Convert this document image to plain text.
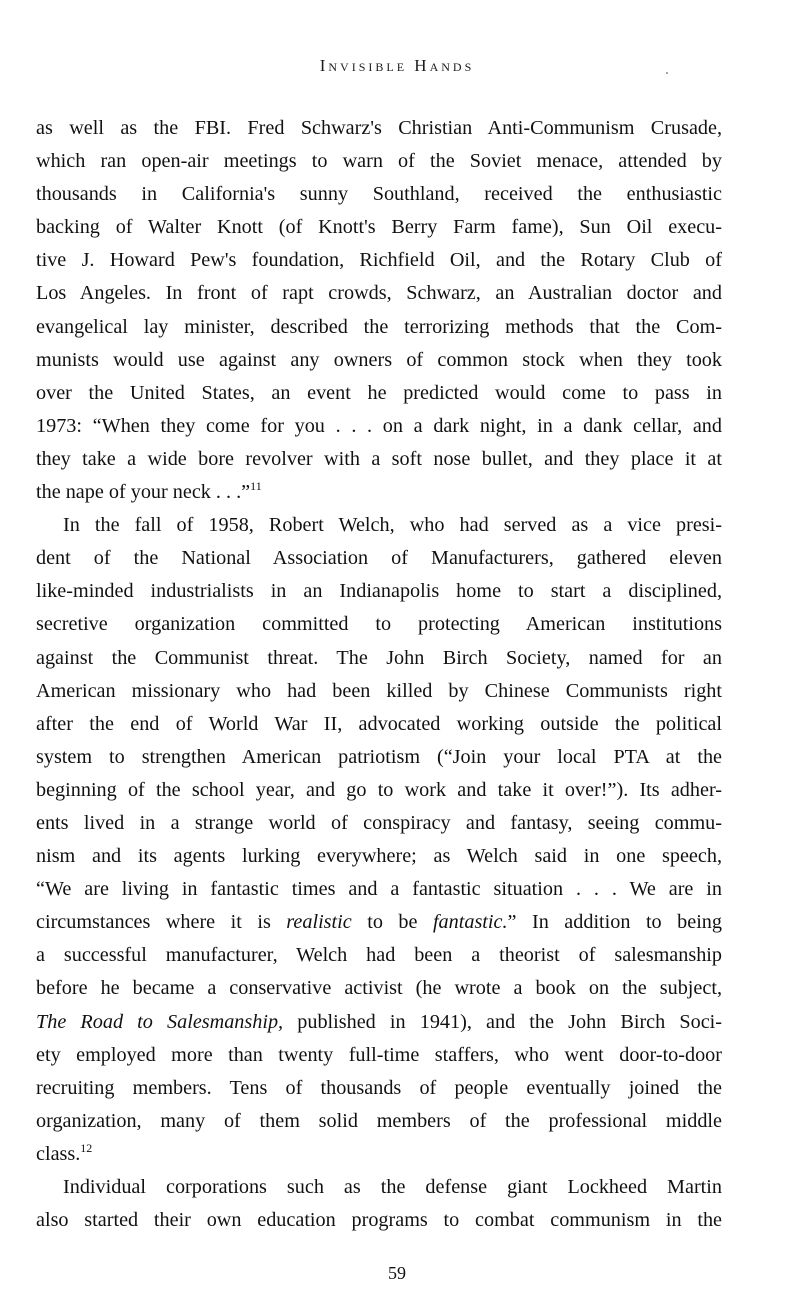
Invisible Hands
as well as the FBI. Fred Schwarz's Christian Anti-Communism Crusade,
which ran open-air meetings to warn of the Soviet menace, attended by
thousands in California's sunny Southland, received the enthusiastic
backing of Walter Knott (of Knott's Berry Farm fame), Sun Oil execu-
tive J. Howard Pew's foundation, Richfield Oil, and the Rotary Club of
Los Angeles. In front of rapt crowds, Schwarz, an Australian doctor and
evangelical lay minister, described the terrorizing methods that the Com-
munists would use against any owners of common stock when they took
over the United States, an event he predicted would come to pass in
1973: “When they come for you . . . on a dark night, in a dank cellar, and
they take a wide bore revolver with a soft nose bullet, and they place it at
the nape of your neck . . .”$^{11}$
In the fall of 1958, Robert Welch, who had served as a vice presi-
dent of the National Association of Manufacturers, gathered eleven
like-minded industrialists in an Indianapolis home to start a disciplined,
secretive organization committed to protecting American institutions
against the Communist threat. The John Birch Society, named for an
American missionary who had been killed by Chinese Communists right
after the end of World War II, advocated working outside the political
system to strengthen American patriotism (“Join your local PTA at the
beginning of the school year, and go to work and take it over!”). Its adher-
ents lived in a strange world of conspiracy and fantasy, seeing commu-
nism and its agents lurking everywhere; as Welch said in one speech,
“We are living in fantastic times and a fantastic situation . . . We are in
circumstances where it is realistic to be fantastic.” In addition to being
a successful manufacturer, Welch had been a theorist of salesmanship
before he became a conservative activist (he wrote a book on the subject,
The Road to Salesmanship, published in 1941), and the John Birch Soci-
ety employed more than twenty full-time staffers, who went door-to-door
recruiting members. Tens of thousands of people eventually joined the
organization, many of them solid members of the professional middle
class.$^{12}$
Individual corporations such as the defense giant Lockheed Martin
also started their own education programs to combat communism in the
59
